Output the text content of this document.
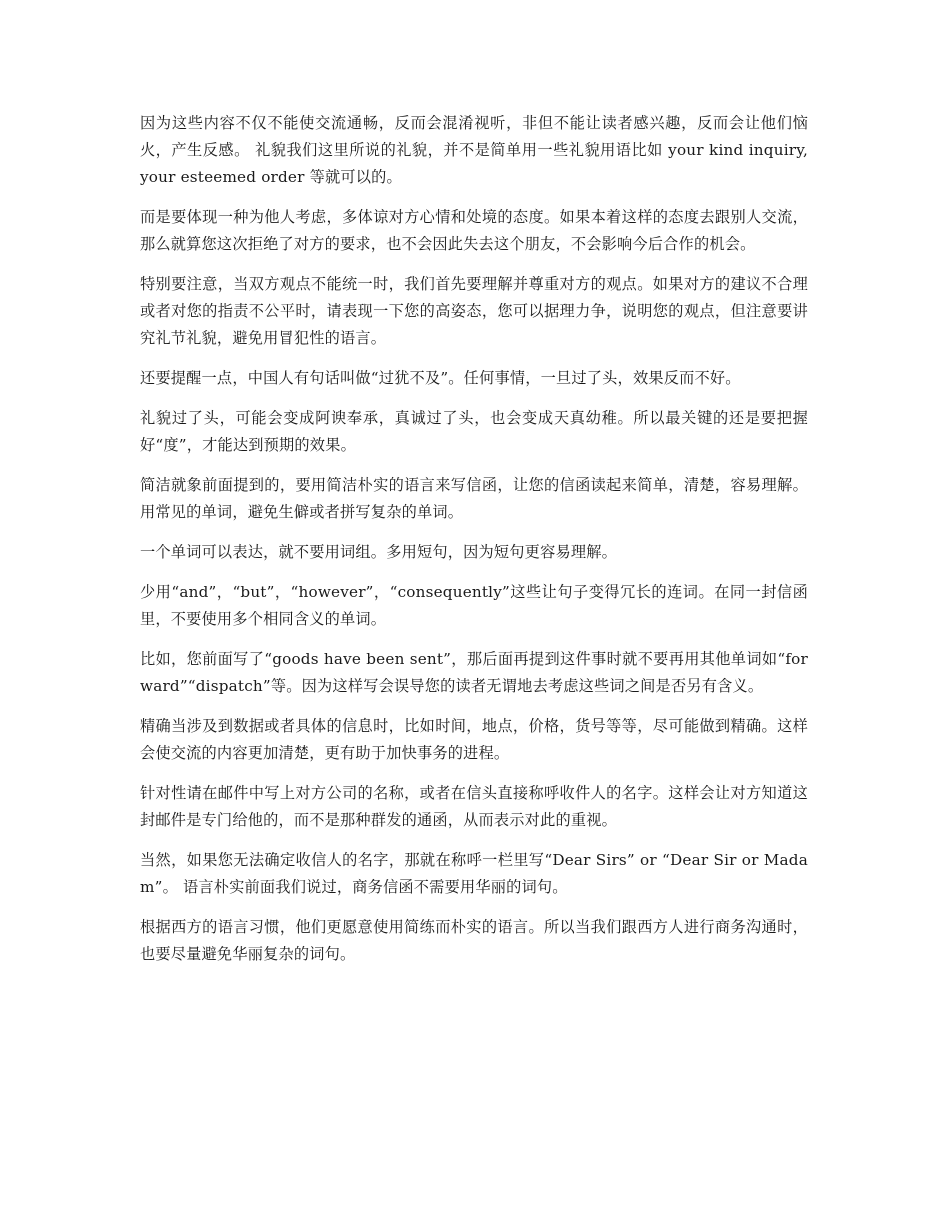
因为这些内容不仅不能使交流通畅，反而会混淆视听，非但不能让读者感兴趣，反而会让他们恼火，产生反感。 礼貌我们这里所说的礼貌，并不是简单用一些礼貌用语比如 your kind inquiry, your esteemed order 等就可以的。

而是要体现一种为他人考虑，多体谅对方心情和处境的态度。如果本着这样的态度去跟别人交流，那么就算您这次拒绝了对方的要求，也不会因此失去这个朋友，不会影响今后合作的机会。

特别要注意，当双方观点不能统一时，我们首先要理解并尊重对方的观点。如果对方的建议不合理或者对您的指责不公平时，请表现一下您的高姿态，您可以据理力争，说明您的观点，但注意要讲究礼节礼貌，避免用冒犯性的语言。

还要提醒一点，中国人有句话叫做“过犹不及”。任何事情，一旦过了头，效果反而不好。

礼貌过了头，可能会变成阿谀奉承，真诚过了头，也会变成天真幼稚。所以最关键的还是要把握好“度”，才能达到预期的效果。

简洁就象前面提到的，要用简洁朴实的语言来写信函，让您的信函读起来简单，清楚，容易理解。用常见的单词，避免生僻或者拼写复杂的单词。

一个单词可以表达，就不要用词组。多用短句，因为短句更容易理解。

少用“and”，“but”，“however”，“consequently”这些让句子变得冗长的连词。在同一封信函里，不要使用多个相同含义的单词。

比如，您前面写了“goods have been sent”，那后面再提到这件事时就不要再用其他单词如“forward”“dispatch”等。因为这样写会误导您的读者无谓地去考虑这些词之间是否另有含义。

精确当涉及到数据或者具体的信息时，比如时间，地点，价格，货号等等，尽可能做到精确。这样会使交流的内容更加清楚，更有助于加快事务的进程。

针对性请在邮件中写上对方公司的名称，或者在信头直接称呼收件人的名字。这样会让对方知道这封邮件是专门给他的，而不是那种群发的通函，从而表示对此的重视。

当然，如果您无法确定收信人的名字，那就在称呼一栏里写“Dear Sirs” or “Dear Sir or Madam”。 语言朴实前面我们说过，商务信函不需要用华丽的词句。

根据西方的语言习惯，他们更愿意使用简练而朴实的语言。所以当我们跟西方人进行商务沟通时，也要尽量避免华丽复杂的词句。
